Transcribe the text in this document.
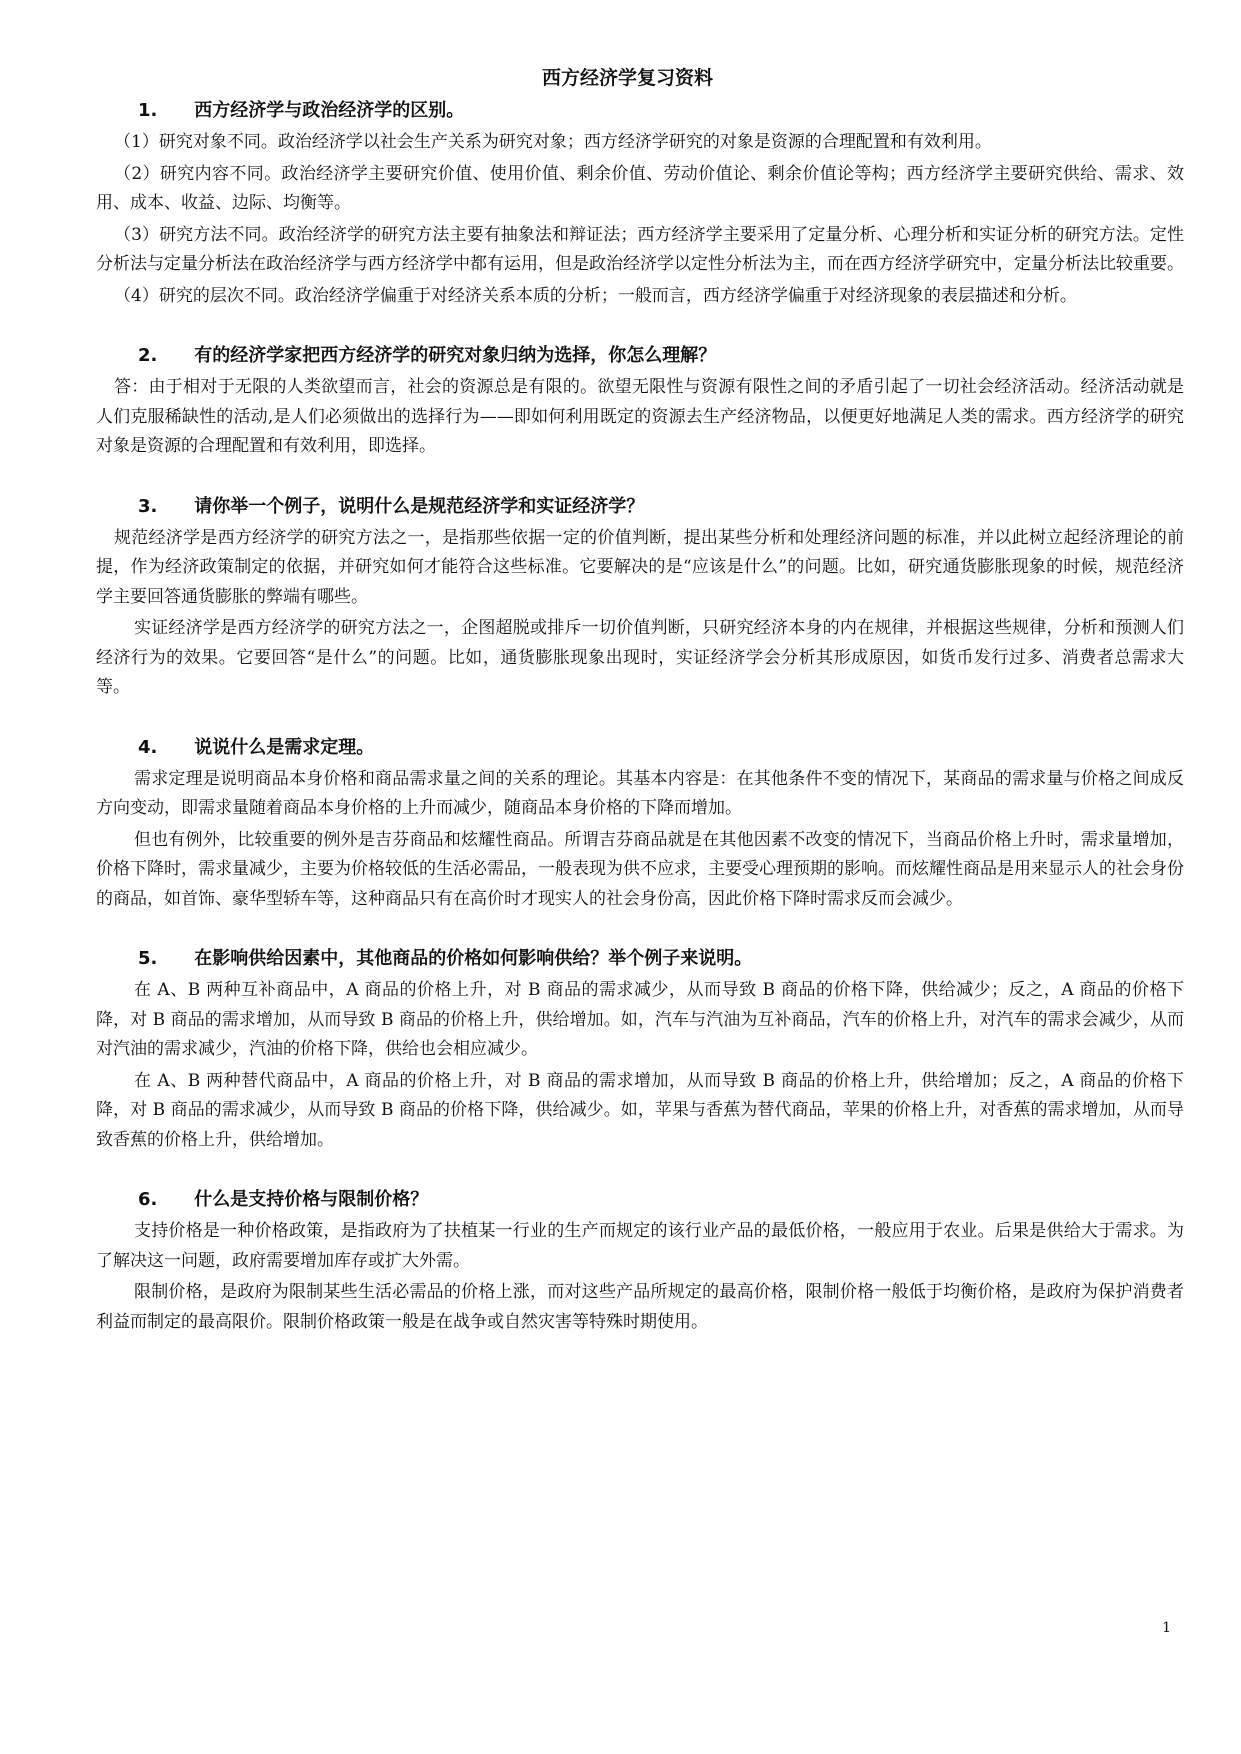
西方经济学复习资料
1. 西方经济学与政治经济学的区别。

（1）研究对象不同。政治经济学以社会生产关系为研究对象；西方经济学研究的对象是资源的合理配置和有效利用。

（2）研究内容不同。政治经济学主要研究价值、使用价值、剩余价值、劳动价值论、剩余价值论等构；西方经济学主要研究供给、需求、效用、成本、收益、边际、均衡等。

（3）研究方法不同。政治经济学的研究方法主要有抽象法和辩证法；西方经济学主要采用了定量分析、心理分析和实证分析的研究方法。定性分析法与定量分析法在政治经济学与西方经济学中都有运用，但是政治经济学以定性分析法为主，而在西方经济学研究中，定量分析法比较重要。

（4）研究的层次不同。政治经济学偏重于对经济关系本质的分析；一般而言，西方经济学偏重于对经济现象的表层描述和分析。

2. 有的经济学家把西方经济学的研究对象归纳为选择，你怎么理解？

答：由于相对于无限的人类欲望而言，社会的资源总是有限的。欲望无限性与资源有限性之间的矛盾引起了一切社会经济活动。经济活动就是人们克服稀缺性的活动,是人们必须做出的选择行为——即如何利用既定的资源去生产经济物品，以便更好地满足人类的需求。西方经济学的研究对象是资源的合理配置和有效利用，即选择。

3. 请你举一个例子，说明什么是规范经济学和实证经济学？

规范经济学是西方经济学的研究方法之一，是指那些依据一定的价值判断，提出某些分析和处理经济问题的标准，并以此树立起经济理论的前提，作为经济政策制定的依据，并研究如何才能符合这些标准。它要解决的是“应该是什么”的问题。比如，研究通货膨胀现象的时候，规范经济学主要回答通货膨胀的弊端有哪些。

实证经济学是西方经济学的研究方法之一，企图超脱或排斥一切价值判断，只研究经济本身的内在规律，并根据这些规律，分析和预测人们经济行为的效果。它要回答“是什么”的问题。比如，通货膨胀现象出现时，实证经济学会分析其形成原因，如货币发行过多、消费者总需求大等。

4. 说说什么是需求定理。

需求定理是说明商品本身价格和商品需求量之间的关系的理论。其基本内容是：在其他条件不变的情况下，某商品的需求量与价格之间成反方向变动，即需求量随着商品本身价格的上升而减少，随商品本身价格的下降而增加。

但也有例外，比较重要的例外是吉芬商品和炫耀性商品。所谓吉芬商品就是在其他因素不改变的情况下，当商品价格上升时，需求量增加，价格下降时，需求量减少，主要为价格较低的生活必需品，一般表现为供不应求，主要受心理预期的影响。而炫耀性商品是用来显示人的社会身份的商品，如首饰、豪华型轿车等，这种商品只有在高价时才现实人的社会身份高，因此价格下降时需求反而会减少。

5. 在影响供给因素中，其他商品的价格如何影响供给？举个例子来说明。

在 A、B 两种互补商品中，A 商品的价格上升，对 B 商品的需求减少，从而导致 B 商品的价格下降，供给减少；反之，A 商品的价格下降，对 B 商品的需求增加，从而导致 B 商品的价格上升，供给增加。如，汽车与汽油为互补商品，汽车的价格上升，对汽车的需求会减少，从而对汽油的需求减少，汽油的价格下降，供给也会相应减少。

在 A、B 两种替代商品中，A 商品的价格上升，对 B 商品的需求增加，从而导致 B 商品的价格上升，供给增加；反之，A 商品的价格下降，对 B 商品的需求减少，从而导致 B 商品的价格下降，供给减少。如，苹果与香蕉为替代商品，苹果的价格上升，对香蕉的需求增加，从而导致香蕉的价格上升，供给增加。

6. 什么是支持价格与限制价格？

支持价格是一种价格政策，是指政府为了扶植某一行业的生产而规定的该行业产品的最低价格，一般应用于农业。后果是供给大于需求。为了解决这一问题，政府需要增加库存或扩大外需。

限制价格，是政府为限制某些生活必需品的价格上涨，而对这些产品所规定的最高价格，限制价格一般低于均衡价格，是政府为保护消费者利益而制定的最高限价。限制价格政策一般是在战争或自然灾害等特殊时期使用。

1
